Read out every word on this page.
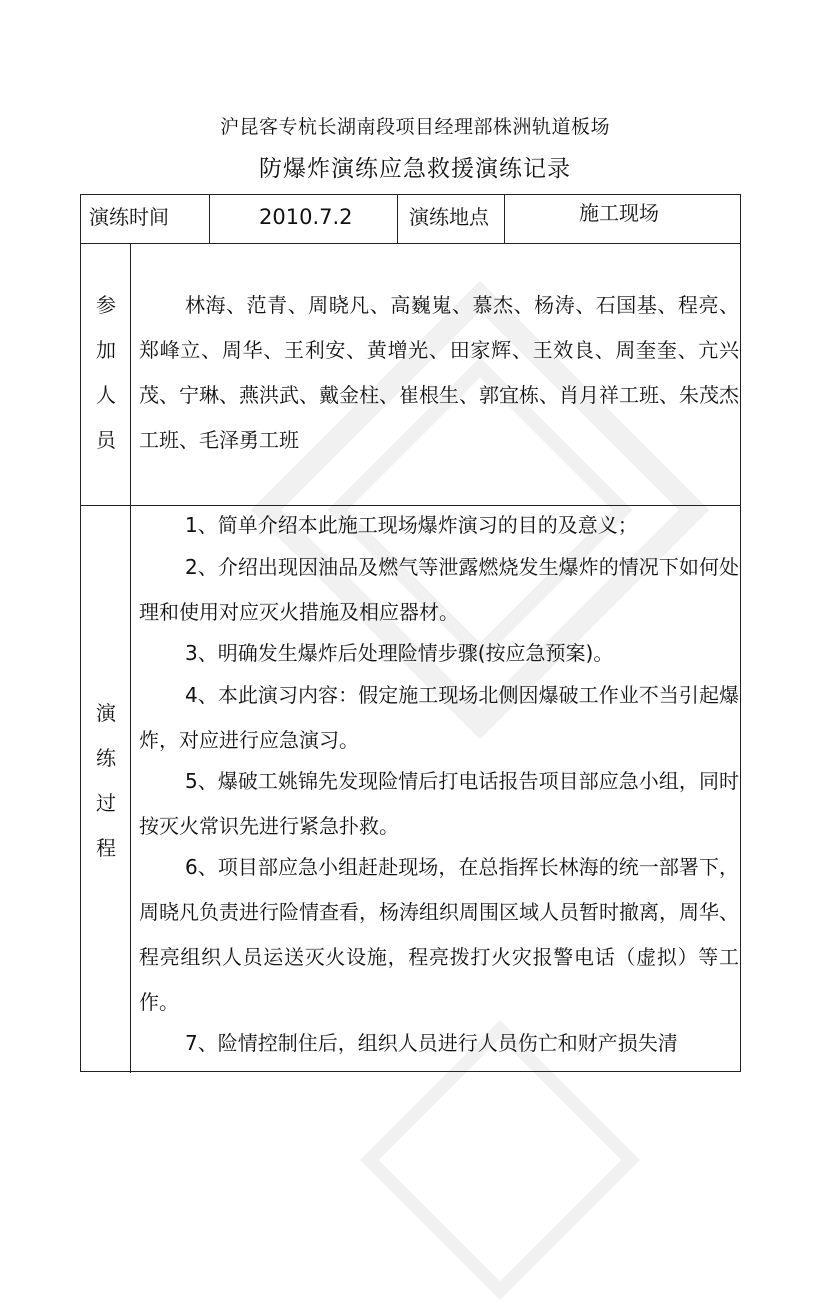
沪昆客专杭长湖南段项目经理部株洲轨道板场
防爆炸演练应急救援演练记录
演练时间	2010.7.2	演练地点	施工现场
参
加
人
员

林海、范青、周晓凡、高巍嵬、慕杰、杨涛、石国基、程亮、郑峰立、周华、王利安、黄增光、田家辉、王效良、周奎奎、亢兴茂、宁琳、燕洪武、戴金柱、崔根生、郭宜栋、肖月祥工班、朱茂杰工班、毛泽勇工班

演
练
过
程

1、简单介绍本此施工现场爆炸演习的目的及意义；

2、介绍出现因油品及燃气等泄露燃烧发生爆炸的情况下如何处理和使用对应灭火措施及相应器材。

3、明确发生爆炸后处理险情步骤(按应急预案)。

4、本此演习内容：假定施工现场北侧因爆破工作业不当引起爆炸，对应进行应急演习。

5、爆破工姚锦先发现险情后打电话报告项目部应急小组，同时按灭火常识先进行紧急扑救。

6、项目部应急小组赶赴现场，在总指挥长林海的统一部署下，周晓凡负责进行险情查看，杨涛组织周围区域人员暂时撤离，周华、程亮组织人员运送灭火设施，程亮拨打火灾报警电话（虚拟）等工作。

7、险情控制住后，组织人员进行人员伤亡和财产损失清
